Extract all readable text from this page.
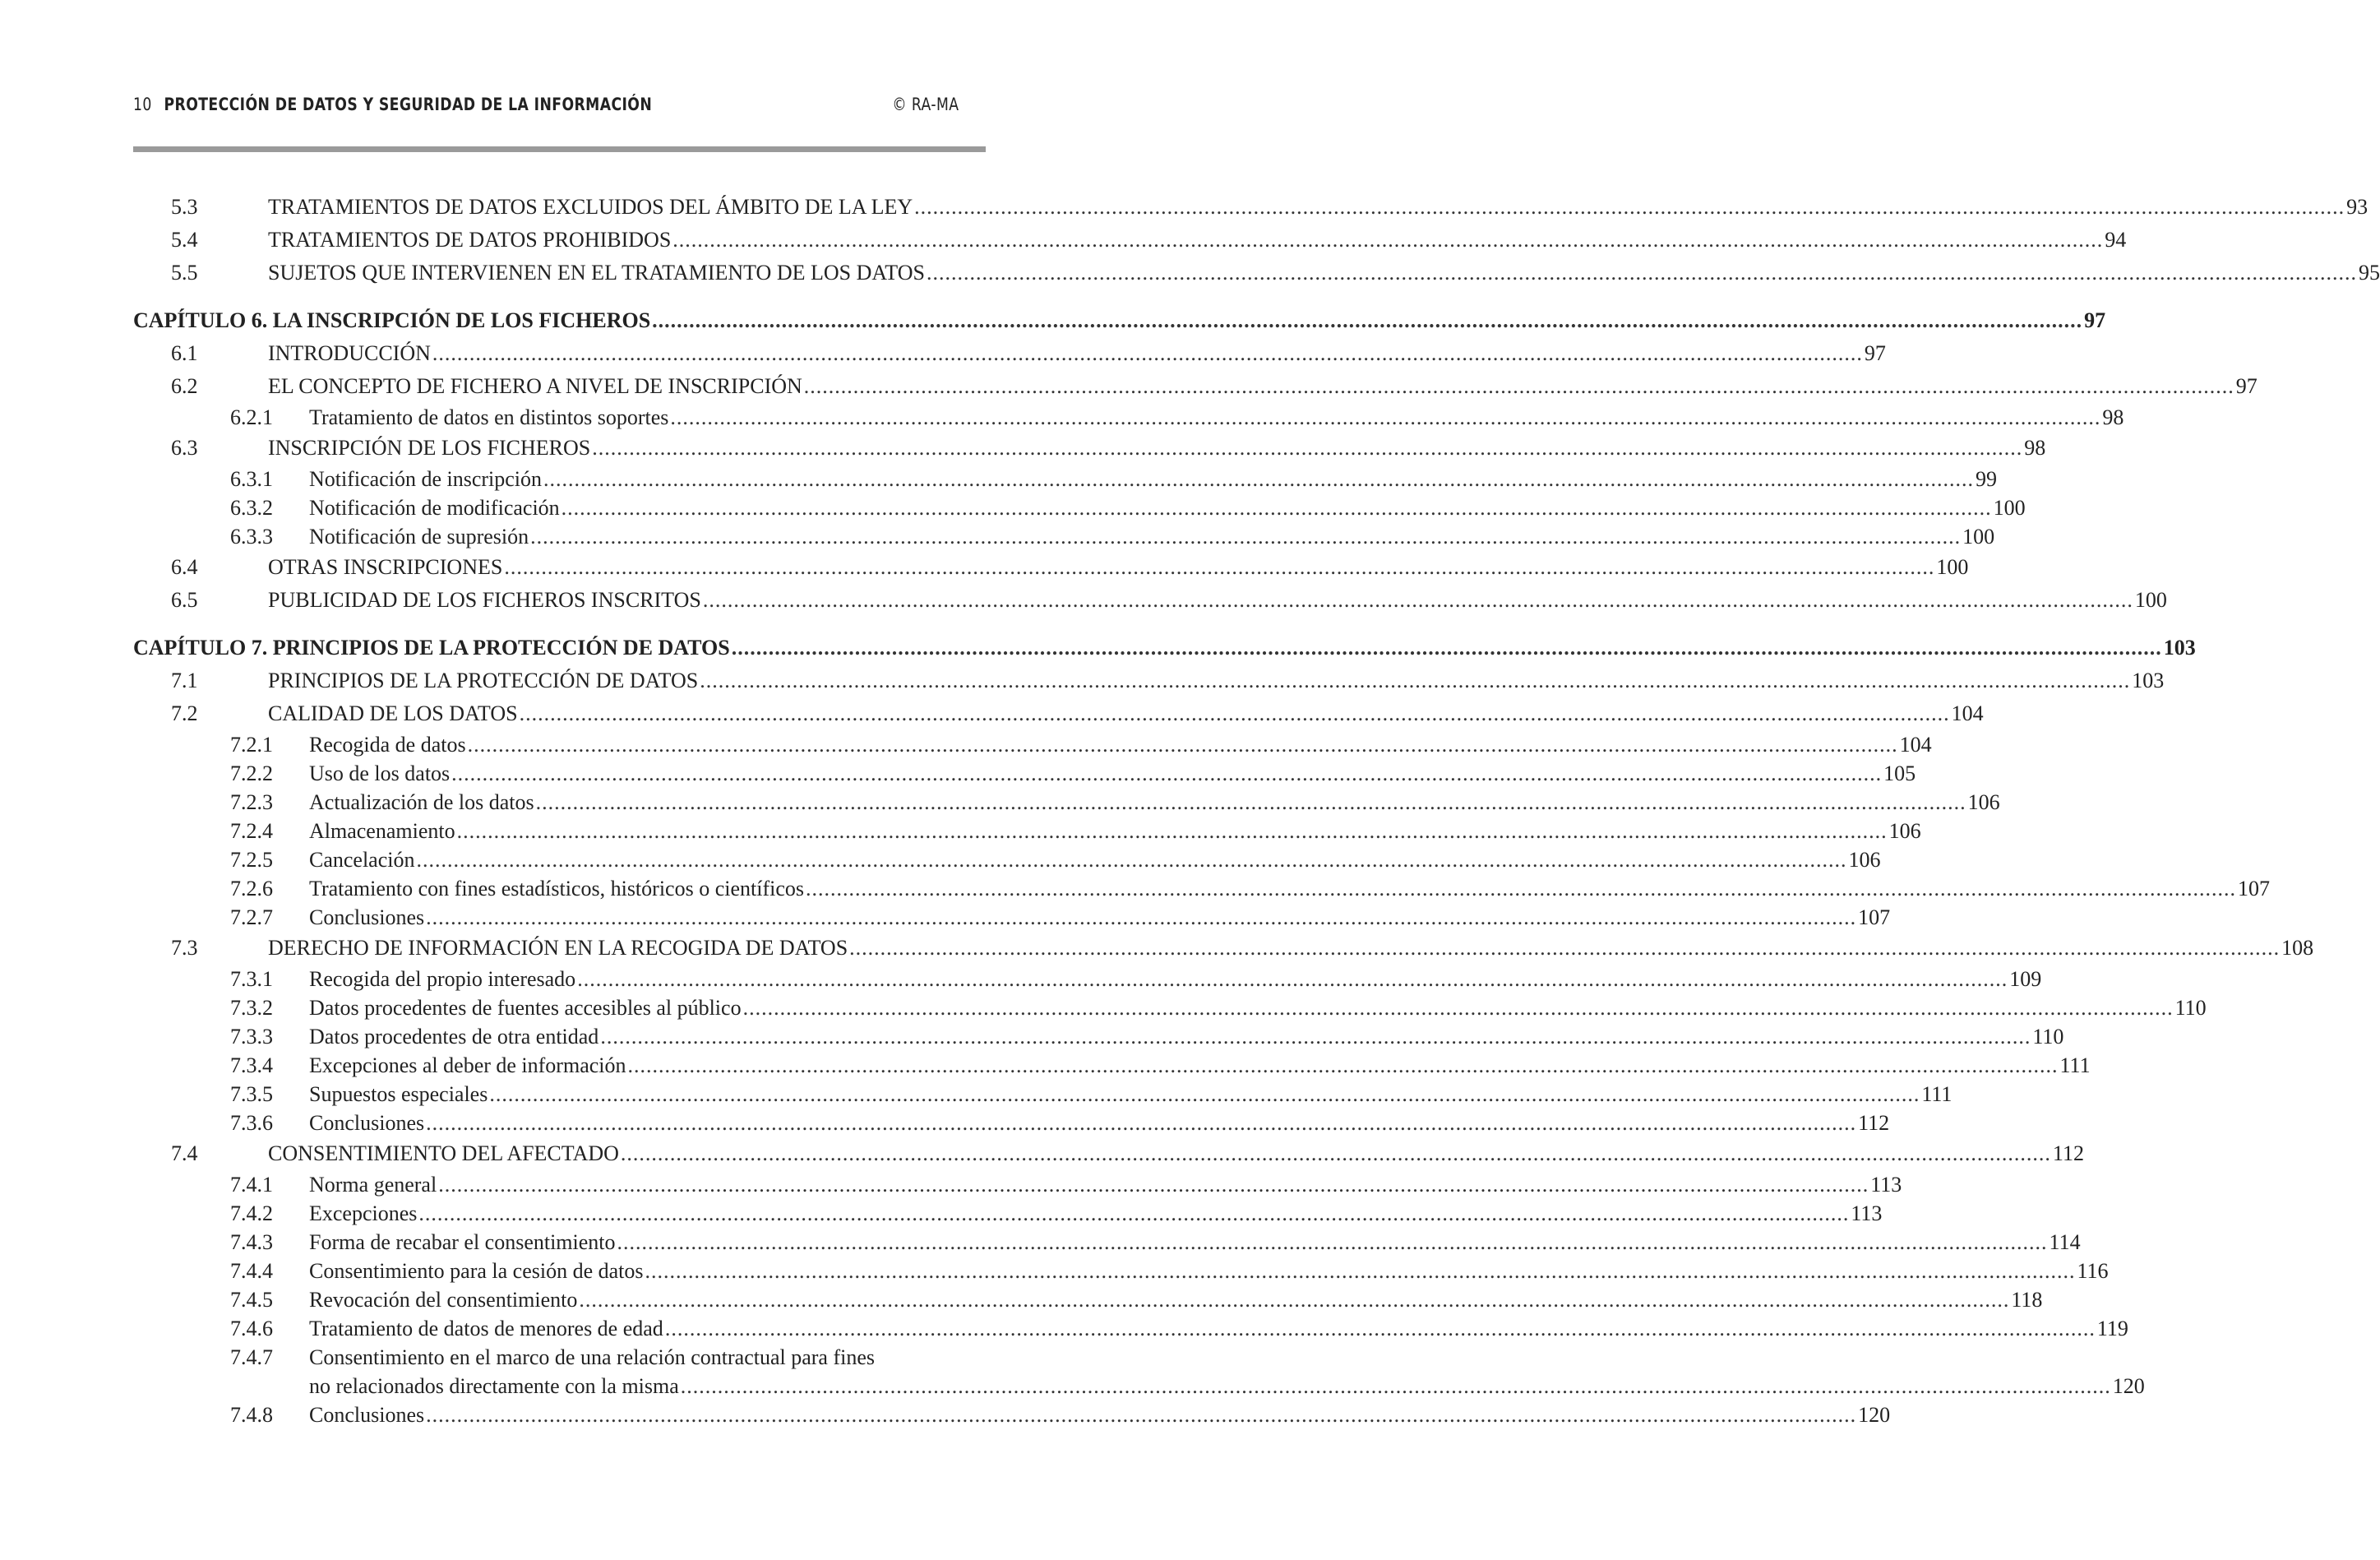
10 PROTECCIÓN DE DATOS Y SEGURIDAD DE LA INFORMACIÓN	© RA-MA
5.3	TRATAMIENTOS DE DATOS EXCLUIDOS DEL ÁMBITO DE LA LEY .....	93
5.4	TRATAMIENTOS DE DATOS PROHIBIDOS .....	94
5.5	SUJETOS QUE INTERVIENEN EN EL TRATAMIENTO DE LOS DATOS .....	95
CAPÍTULO 6. LA INSCRIPCIÓN DE LOS FICHEROS .....	97
6.1	INTRODUCCIÓN .....	97
6.2	EL CONCEPTO DE FICHERO A NIVEL DE INSCRIPCIÓN .....	97
6.2.1	Tratamiento de datos en distintos soportes .....	98
6.3	INSCRIPCIÓN DE LOS FICHEROS .....	98
6.3.1	Notificación de inscripción .....	99
6.3.2	Notificación de modificación .....	100
6.3.3	Notificación de supresión .....	100
6.4	OTRAS INSCRIPCIONES .....	100
6.5	PUBLICIDAD DE LOS FICHEROS INSCRITOS .....	100
CAPÍTULO 7. PRINCIPIOS DE LA PROTECCIÓN DE DATOS .....	103
7.1	PRINCIPIOS DE LA PROTECCIÓN DE DATOS .....	103
7.2	CALIDAD DE LOS DATOS .....	104
7.2.1	Recogida de datos .....	104
7.2.2	Uso de los datos .....	105
7.2.3	Actualización de los datos .....	106
7.2.4	Almacenamiento .....	106
7.2.5	Cancelación .....	106
7.2.6	Tratamiento con fines estadísticos, históricos o científicos .....	107
7.2.7	Conclusiones .....	107
7.3	DERECHO DE INFORMACIÓN EN LA RECOGIDA DE DATOS .....	108
7.3.1	Recogida del propio interesado .....	109
7.3.2	Datos procedentes de fuentes accesibles al público .....	110
7.3.3	Datos procedentes de otra entidad .....	110
7.3.4	Excepciones al deber de información .....	111
7.3.5	Supuestos especiales .....	111
7.3.6	Conclusiones .....	112
7.4	CONSENTIMIENTO DEL AFECTADO .....	112
7.4.1	Norma general .....	113
7.4.2	Excepciones .....	113
7.4.3	Forma de recabar el consentimiento .....	114
7.4.4	Consentimiento para la cesión de datos .....	116
7.4.5	Revocación del consentimiento .....	118
7.4.6	Tratamiento de datos de menores de edad .....	119
7.4.7	Consentimiento en el marco de una relación contractual para fines
no relacionados directamente con la misma .....	120
7.4.8	Conclusiones .....	120
